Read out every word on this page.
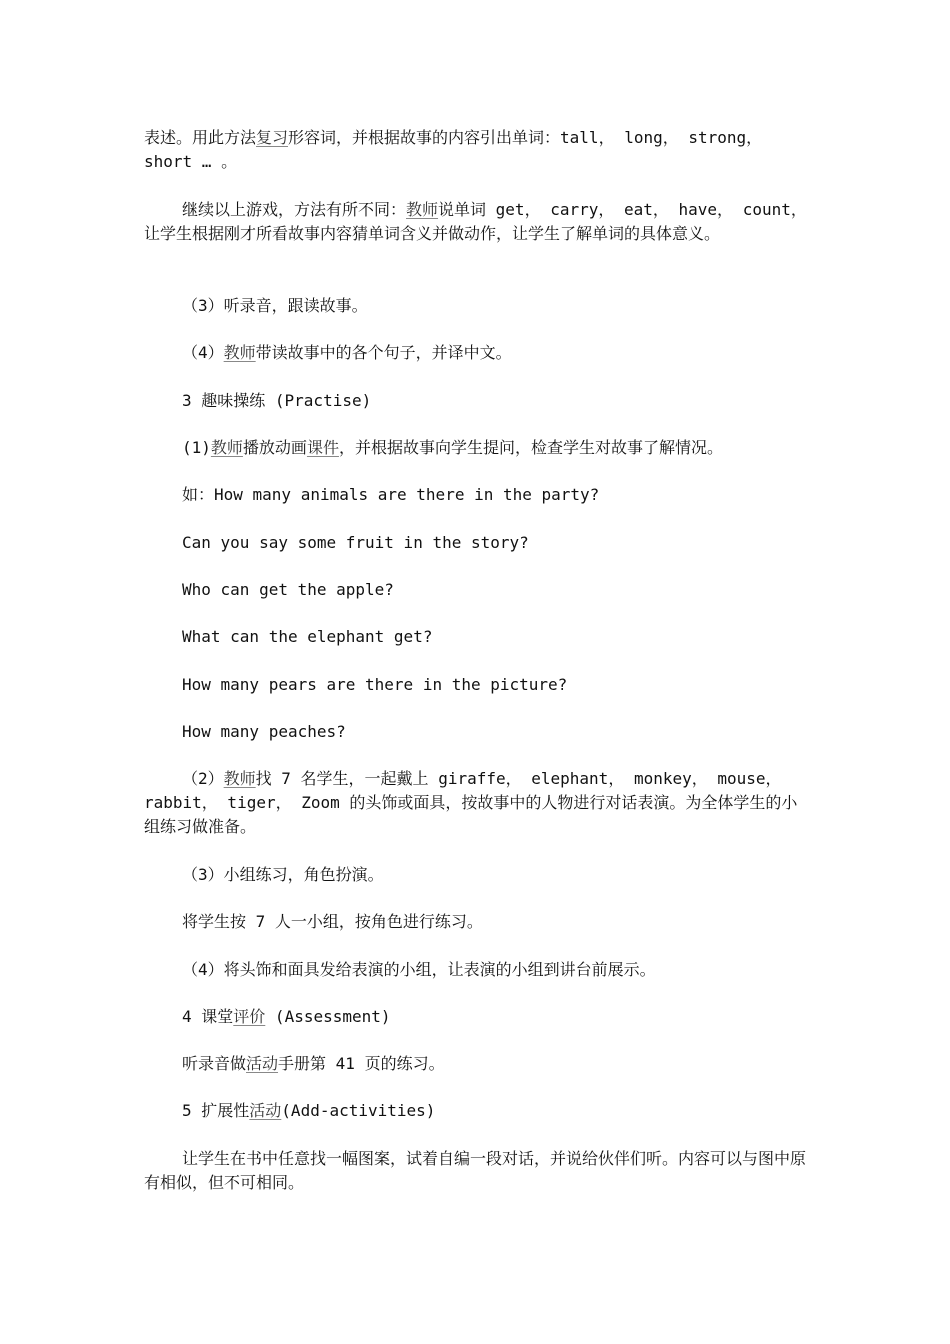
表述。用此方法复习形容词，并根据故事的内容引出单词：tall， long， strong， short … 。
继续以上游戏，方法有所不同：教师说单词 get， carry， eat， have， count， 让学生根据刚才所看故事内容猜单词含义并做动作，让学生了解单词的具体意义。
（3）听录音，跟读故事。
（4）教师带读故事中的各个句子，并译中文。
3 趣味操练 (Practise)
(1)教师播放动画课件，并根据故事向学生提问，检查学生对故事了解情况。
如：How many animals are there in the party?
Can you say some fruit in the story?
Who can get the apple?
What can the elephant get?
How many pears are there in the picture?
How many peaches?
（2）教师找 7 名学生，一起戴上 giraffe， elephant， monkey， mouse， rabbit， tiger， Zoom 的头饰或面具，按故事中的人物进行对话表演。为全体学生的小组练习做准备。
（3）小组练习，角色扮演。
将学生按 7 人一小组，按角色进行练习。
（4）将头饰和面具发给表演的小组，让表演的小组到讲台前展示。
4 课堂评价 (Assessment)
听录音做活动手册第 41 页的练习。
5 扩展性活动(Add-activities)
让学生在书中任意找一幅图案，试着自编一段对话，并说给伙伴们听。内容可以与图中原有相似，但不可相同。
